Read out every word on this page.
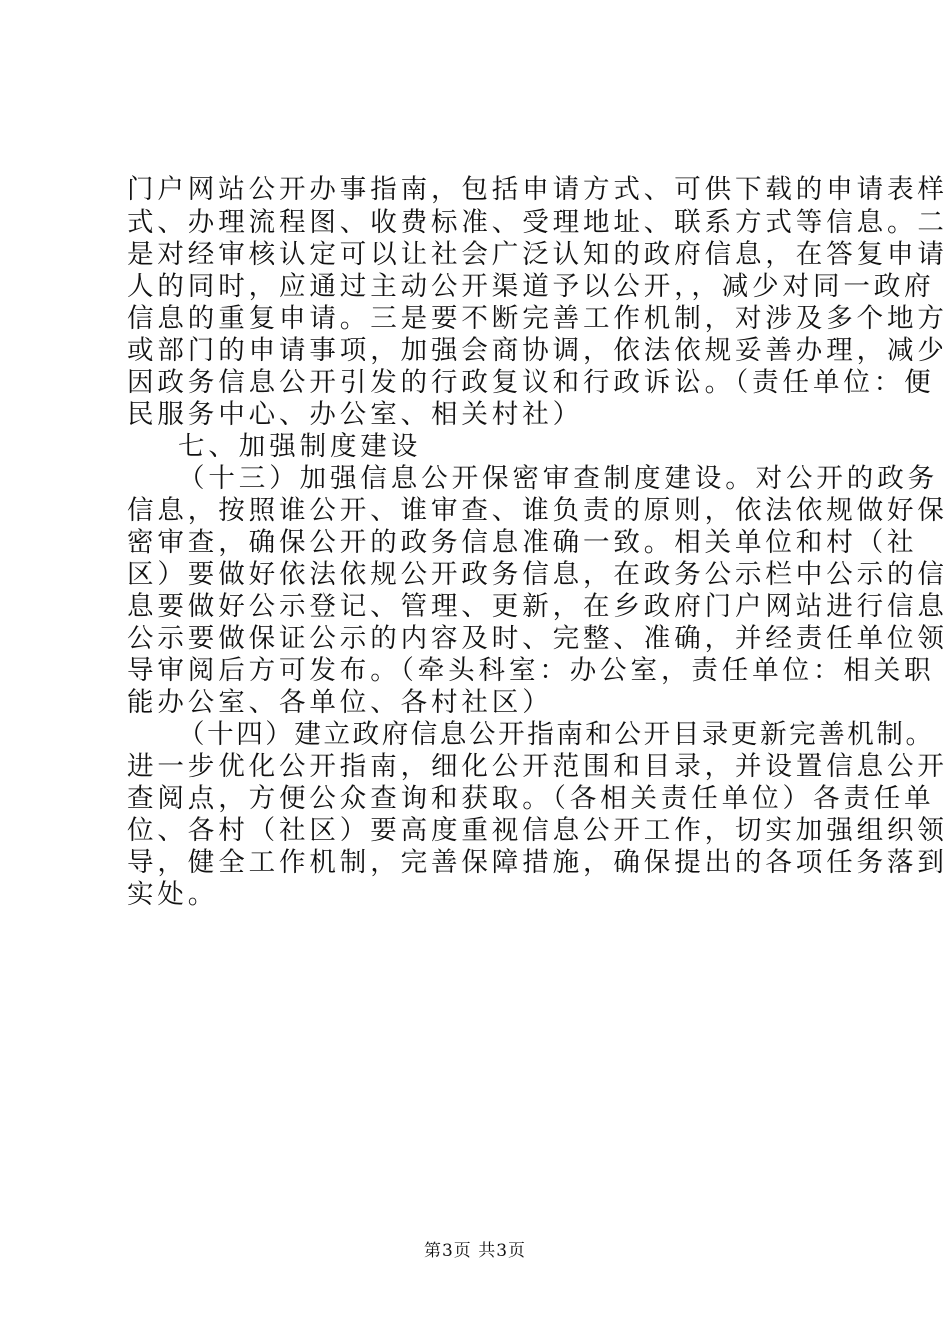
门户网站公开办事指南，包括申请方式、可供下载的申请表样
式、办理流程图、收费标准、受理地址、联系方式等信息。二
是对经审核认定可以让社会广泛认知的政府信息，在答复申请
人的同时，应通过主动公开渠道予以公开，，减少对同一政府
信息的重复申请。三是要不断完善工作机制，对涉及多个地方
或部门的申请事项，加强会商协调，依法依规妥善办理，减少
因政务信息公开引发的行政复议和行政诉讼。（责任单位：便
民服务中心、办公室、相关村社）
七、加强制度建设
（十三）加强信息公开保密审查制度建设。对公开的政务
信息，按照谁公开、谁审查、谁负责的原则，依法依规做好保
密审查，确保公开的政务信息准确一致。相关单位和村（社
区）要做好依法依规公开政务信息，在政务公示栏中公示的信
息要做好公示登记、管理、更新，在乡政府门户网站进行信息
公示要做保证公示的内容及时、完整、准确，并经责任单位领
导审阅后方可发布。（牵头科室：办公室，责任单位：相关职
能办公室、各单位、各村社区）
（十四）建立政府信息公开指南和公开目录更新完善机制。
进一步优化公开指南，细化公开范围和目录，并设置信息公开
查阅点，方便公众查询和获取。（各相关责任单位）各责任单
位、各村（社区）要高度重视信息公开工作，切实加强组织领
导，健全工作机制，完善保障措施，确保提出的各项任务落到
实处。
第3页 共3页
